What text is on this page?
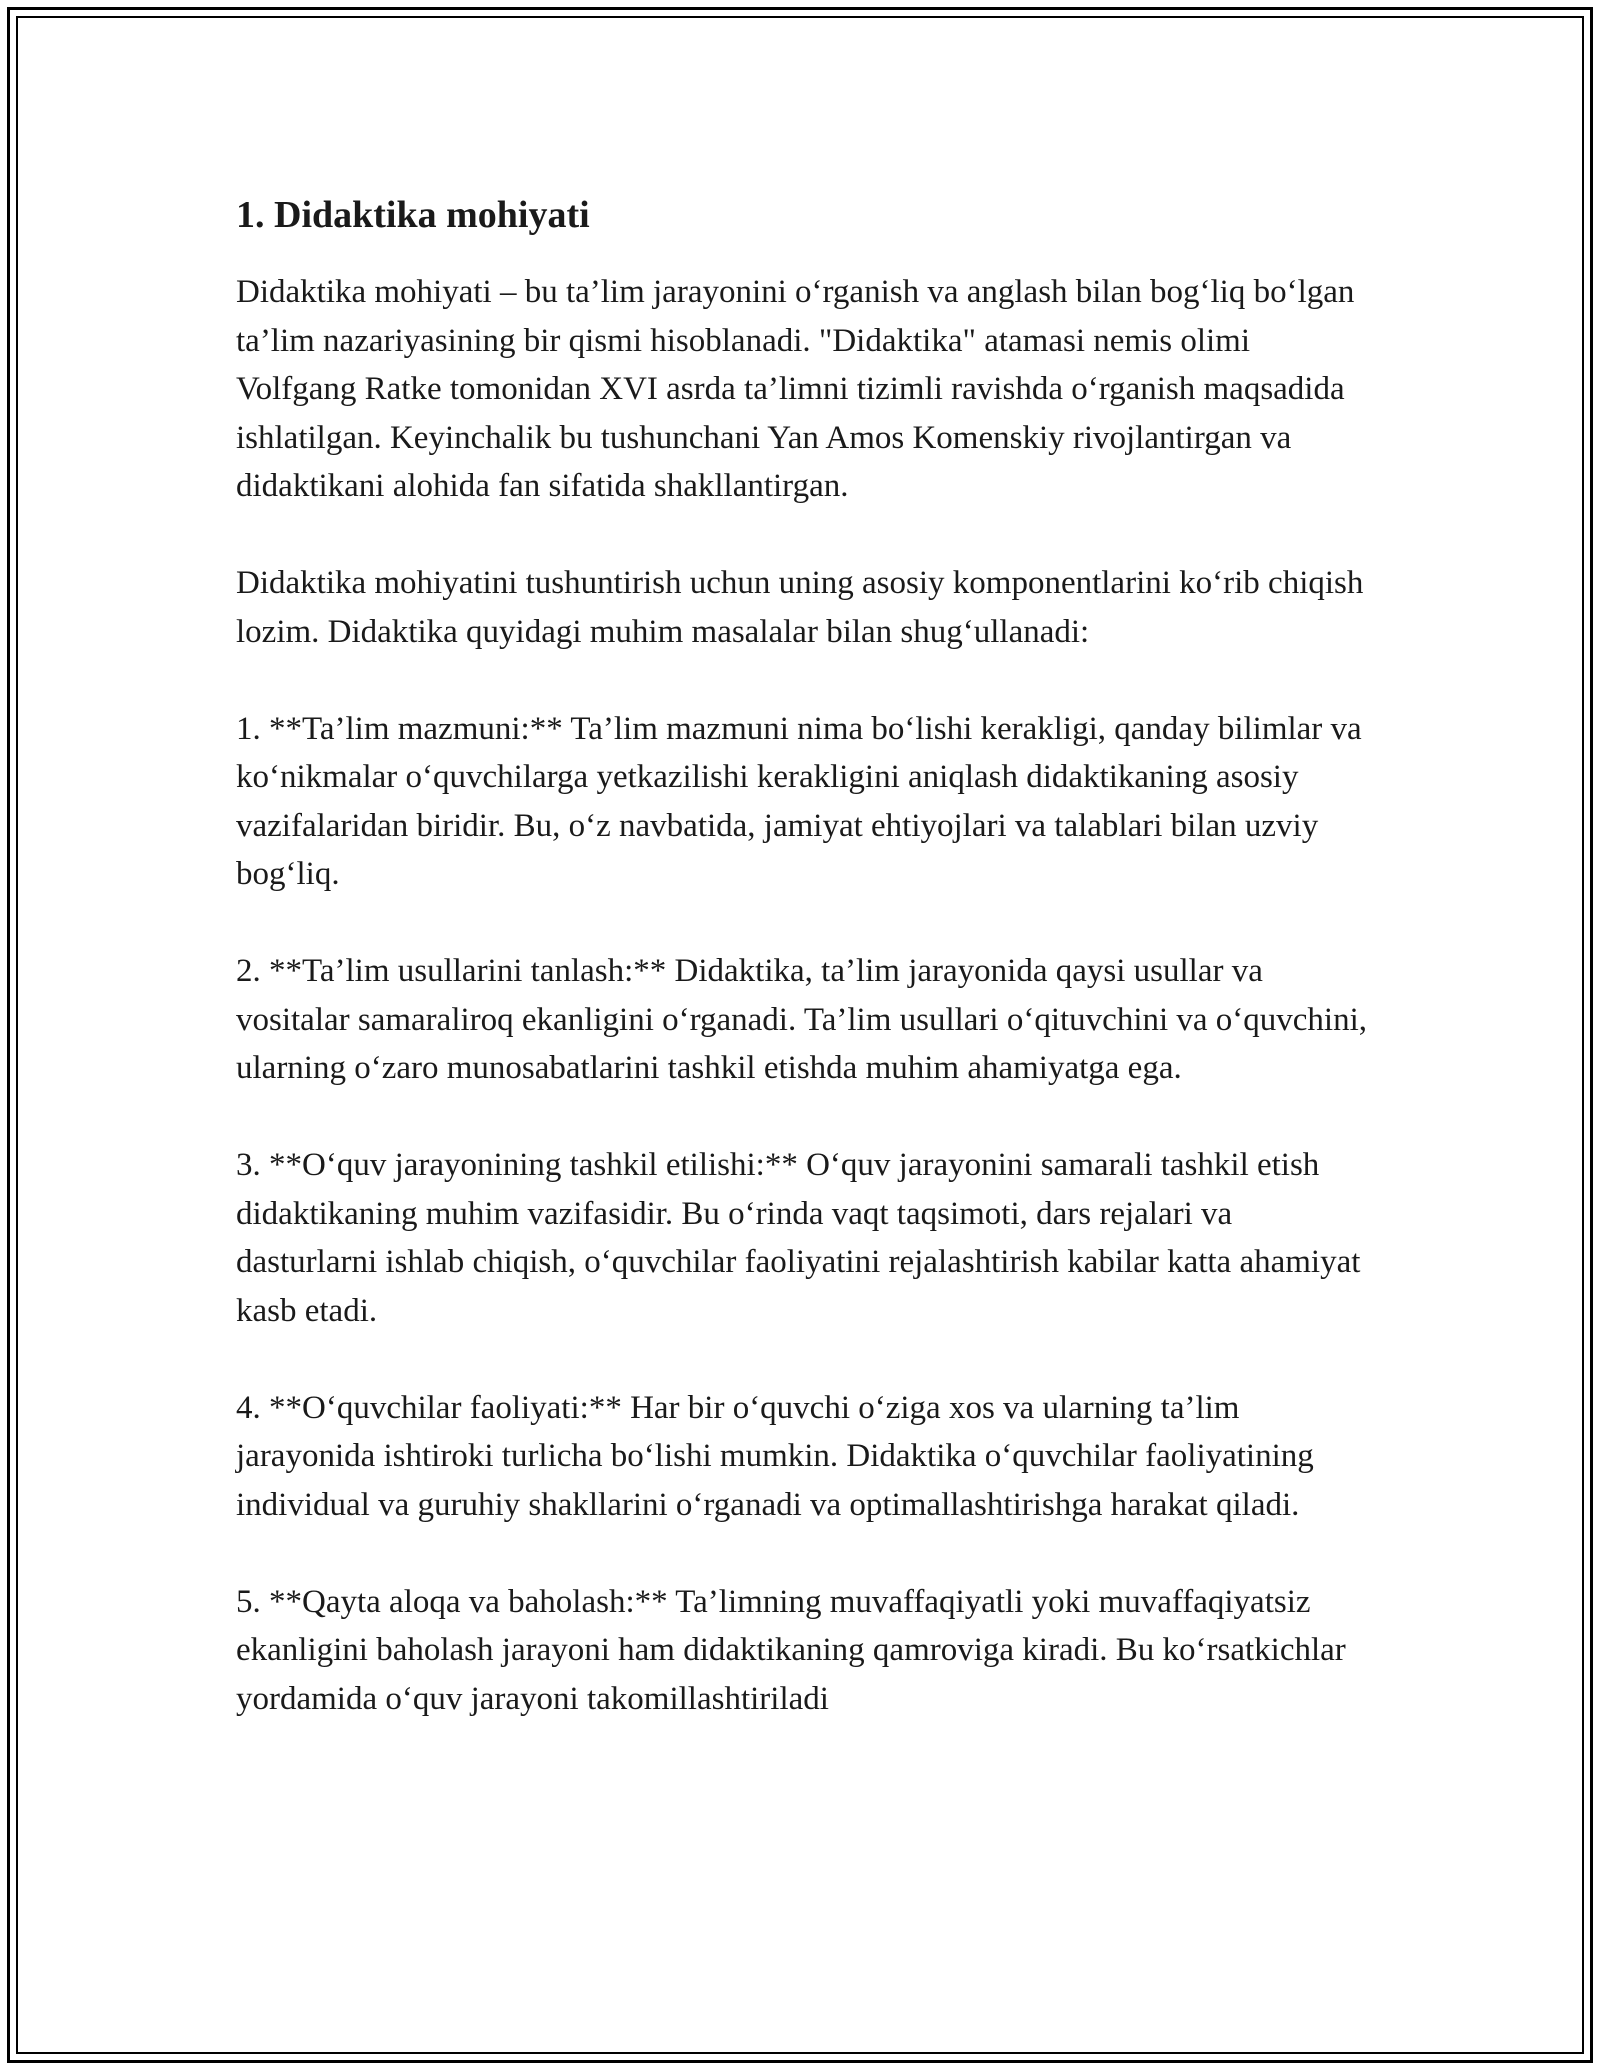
1. Didaktika mohiyati

Didaktika mohiyati – bu ta’lim jarayonini oʻrganish va anglash bilan bogʻliq boʻlgan ta’lim nazariyasining bir qismi hisoblanadi. "Didaktika" atamasi nemis olimi Volfgang Ratke tomonidan XVI asrda ta’limni tizimli ravishda oʻrganish maqsadida ishlatilgan. Keyinchalik bu tushunchani Yan Amos Komenskiy rivojlantirgan va didaktikani alohida fan sifatida shakllantirgan.

Didaktika mohiyatini tushuntirish uchun uning asosiy komponentlarini koʻrib chiqish lozim. Didaktika quyidagi muhim masalalar bilan shugʻullanadi:

1. **Ta’lim mazmuni:** Ta’lim mazmuni nima boʻlishi kerakligi, qanday bilimlar va koʻnikmalar oʻquvchilarga yetkazilishi kerakligini aniqlash didaktikaning asosiy vazifalaridan biridir. Bu, oʻz navbatida, jamiyat ehtiyojlari va talablari bilan uzviy bogʻliq.

2. **Ta’lim usullarini tanlash:** Didaktika, ta’lim jarayonida qaysi usullar va vositalar samaraliroq ekanligini oʻrganadi. Ta’lim usullari oʻqituvchini va oʻquvchini, ularning oʻzaro munosabatlarini tashkil etishda muhim ahamiyatga ega.

3. **Oʻquv jarayonining tashkil etilishi:** Oʻquv jarayonini samarali tashkil etish didaktikaning muhim vazifasidir. Bu oʻrinda vaqt taqsimoti, dars rejalari va dasturlarni ishlab chiqish, oʻquvchilar faoliyatini rejalashtirish kabilar katta ahamiyat kasb etadi.

4. **Oʻquvchilar faoliyati:** Har bir oʻquvchi oʻziga xos va ularning ta’lim jarayonida ishtiroki turlicha boʻlishi mumkin. Didaktika oʻquvchilar faoliyatining individual va guruhiy shakllarini oʻrganadi va optimallashtirishga harakat qiladi.

5. **Qayta aloqa va baholash:** Ta’limning muvaffaqiyatli yoki muvaffaqiyatsiz ekanligini baholash jarayoni ham didaktikaning qamroviga kiradi. Bu koʻrsatkichlar yordamida oʻquv jarayoni takomillashtiriladi
